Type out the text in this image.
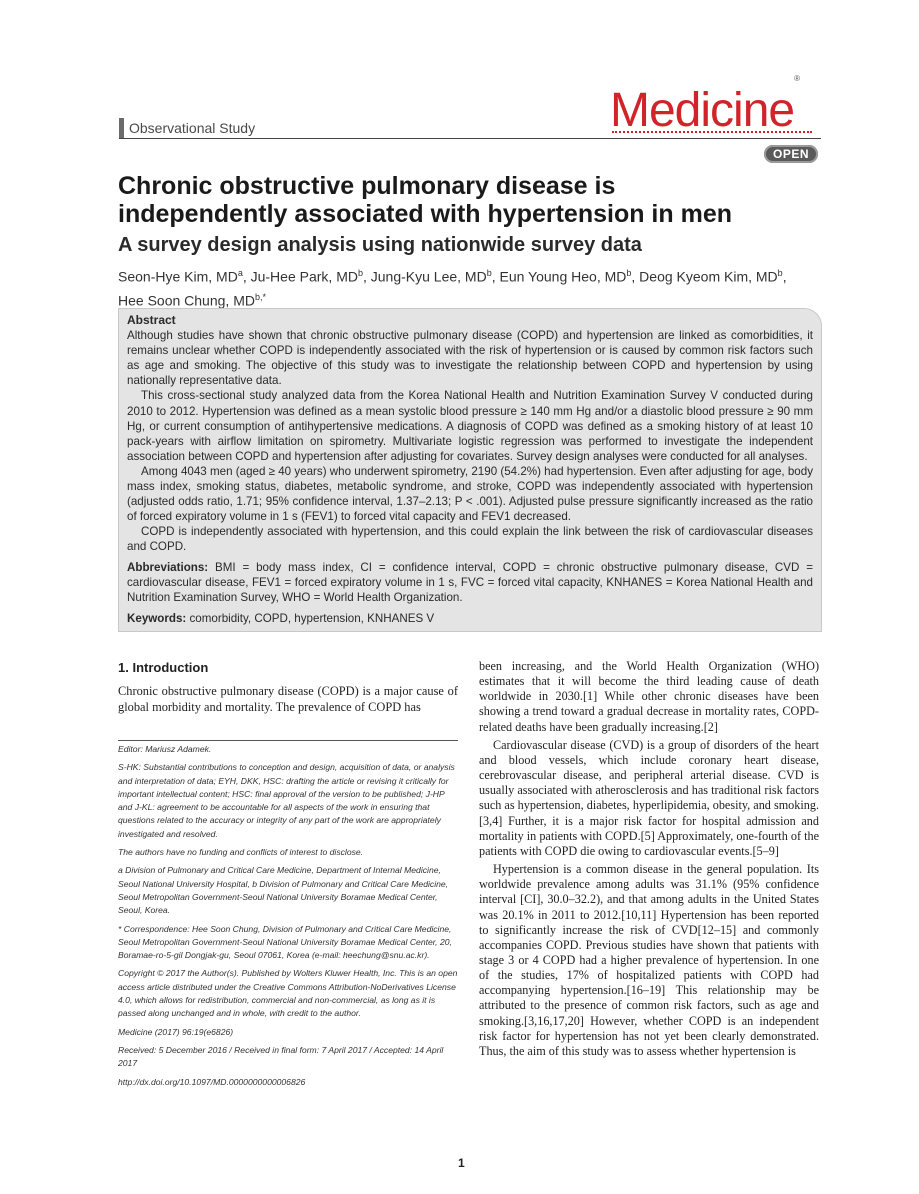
Observational Study	Medicine®
OPEN
Chronic obstructive pulmonary disease is
independently associated with hypertension in men
A survey design analysis using nationwide survey data
Seon-Hye Kim, $MD^a$, Ju-Hee Park, $MD^b$, Jung-Kyu Lee, $MD^b$, Eun Young Heo, $MD^b$, Deog Kyeom Kim, $MD^b$,
Hee Soon Chung, $MD^{b,*}$

Abstract

Although studies have shown that chronic obstructive pulmonary disease (COPD) and hypertension are linked as comorbidities, it remains unclear whether COPD is independently associated with the risk of hypertension or is caused by common risk factors such as age and smoking. The objective of this study was to investigate the relationship between COPD and hypertension by using nationally representative data.

This cross-sectional study analyzed data from the Korea National Health and Nutrition Examination Survey V conducted during 2010 to 2012. Hypertension was defined as a mean systolic blood pressure ≥ 140 mm Hg and/or a diastolic blood pressure ≥ 90 mm Hg, or current consumption of antihypertensive medications. A diagnosis of COPD was defined as a smoking history of at least 10 pack-years with airflow limitation on spirometry. Multivariate logistic regression was performed to investigate the independent association between COPD and hypertension after adjusting for covariates. Survey design analyses were conducted for all analyses.

Among 4043 men (aged ≥ 40 years) who underwent spirometry, 2190 (54.2%) had hypertension. Even after adjusting for age, body mass index, smoking status, diabetes, metabolic syndrome, and stroke, COPD was independently associated with hypertension (adjusted odds ratio, 1.71; 95% confidence interval, 1.37–2.13; P < .001). Adjusted pulse pressure significantly increased as the ratio of forced expiratory volume in 1 s (FEV1) to forced vital capacity and FEV1 decreased.

COPD is independently associated with hypertension, and this could explain the link between the risk of cardiovascular diseases and COPD.

Abbreviations: BMI = body mass index, CI = confidence interval, COPD = chronic obstructive pulmonary disease, CVD = cardiovascular disease, FEV1 = forced expiratory volume in 1 s, FVC = forced vital capacity, KNHANES = Korea National Health and Nutrition Examination Survey, WHO = World Health Organization.

Keywords: comorbidity, COPD, hypertension, KNHANES V

1. Introduction
Chronic obstructive pulmonary disease (COPD) is a major cause of global morbidity and mortality. The prevalence of COPD has

Editor: Mariusz Adamek.

S-HK: Substantial contributions to conception and design, acquisition of data, or analysis and interpretation of data; EYH, DKK, HSC: drafting the article or revising it critically for important intellectual content; HSC: final approval of the version to be published; J-HP and J-KL: agreement to be accountable for all aspects of the work in ensuring that questions related to the accuracy or integrity of any part of the work are appropriately investigated and resolved.

The authors have no funding and conflicts of interest to disclose.

a Division of Pulmonary and Critical Care Medicine, Department of Internal Medicine, Seoul National University Hospital, b Division of Pulmonary and Critical Care Medicine, Seoul Metropolitan Government-Seoul National University Boramae Medical Center, Seoul, Korea.

* Correspondence: Hee Soon Chung, Division of Pulmonary and Critical Care Medicine, Seoul Metropolitan Government-Seoul National University Boramae Medical Center, 20, Boramae-ro-5-gil Dongjak-gu, Seoul 07061, Korea (e-mail: heechung@snu.ac.kr).

Copyright © 2017 the Author(s). Published by Wolters Kluwer Health, Inc. This is an open access article distributed under the Creative Commons Attribution-NoDerivatives License 4.0, which allows for redistribution, commercial and non-commercial, as long as it is passed along unchanged and in whole, with credit to the author.

Medicine (2017) 96:19(e6826)

Received: 5 December 2016 / Received in final form: 7 April 2017 / Accepted: 14 April 2017

http://dx.doi.org/10.1097/MD.0000000000006826

been increasing, and the World Health Organization (WHO) estimates that it will become the third leading cause of death worldwide in 2030.[1] While other chronic diseases have been showing a trend toward a gradual decrease in mortality rates, COPD-related deaths have been gradually increasing.[2]

Cardiovascular disease (CVD) is a group of disorders of the heart and blood vessels, which include coronary heart disease, cerebrovascular disease, and peripheral arterial disease. CVD is usually associated with atherosclerosis and has traditional risk factors such as hypertension, diabetes, hyperlipidemia, obesity, and smoking.[3,4] Further, it is a major risk factor for hospital admission and mortality in patients with COPD.[5] Approximately, one-fourth of the patients with COPD die owing to cardiovascular events.[5–9]

Hypertension is a common disease in the general population. Its worldwide prevalence among adults was 31.1% (95% confidence interval [CI], 30.0–32.2), and that among adults in the United States was 20.1% in 2011 to 2012.[10,11] Hypertension has been reported to significantly increase the risk of CVD[12–15] and commonly accompanies COPD. Previous studies have shown that patients with stage 3 or 4 COPD had a higher prevalence of hypertension. In one of the studies, 17% of hospitalized patients with COPD had accompanying hypertension.[16–19] This relationship may be attributed to the presence of common risk factors, such as age and smoking.[3,16,17,20] However, whether COPD is an independent risk factor for hypertension has not yet been clearly demonstrated. Thus, the aim of this study was to assess whether hypertension is

1
